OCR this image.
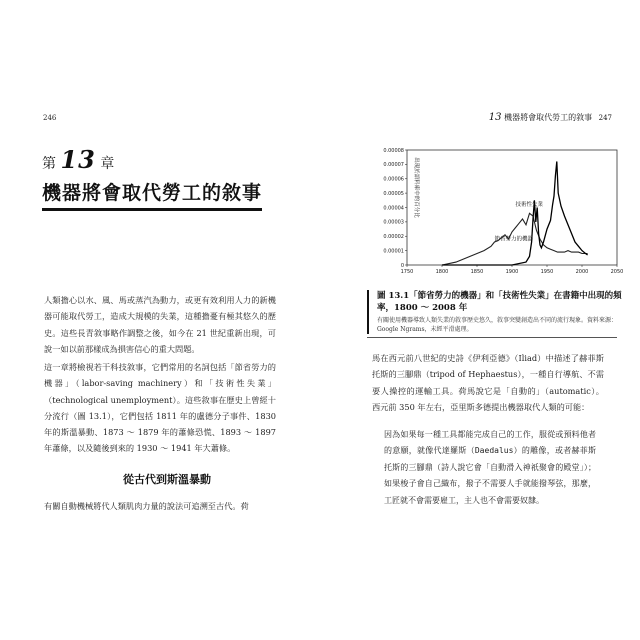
246
第 13 章
機器將會取代勞工的敘事
人類擔心以水、風、馬或蒸汽為動力，或更有效利用人力的新機器可能取代勞工，造成大規模的失業，這種擔憂有極其悠久的歷史。這些長青敘事略作調整之後，如今在 21 世紀重新出現，可說一如以前那樣成為損害信心的重大問題。
這一章將檢視若干科技敘事，它們常用的名詞包括「節省勞力的機器」（labor-saving machinery）和「技術性失業」（technological unemployment）。這些敘事在歷史上曾經十分流行（圖 13.1），它們包括 1811 年的盧德分子事件、1830 年的斯溫暴動、1873 ～ 1879 年的蕭條恐慌、1893 ～ 1897 年蕭條，以及隨後到來的 1930 ～ 1941 年大蕭條。
從古代到斯溫暴動
有關自動機械將代人類肌肉力量的說法可追溯至古代。荷
13 機器將會取代勞工的敘事 247
0.00008
0.00007
0.00006
0.00005
0.00004
0.00003
0.00002
0.00001
0
1750	1800	1850	1900	1950	2000	2050
出現於語料庫中的百分比	技術性失業
節省勞力的機器
圖 13.1「節省勞力的機器」和「技術性失業」在書籍中出現的頻率，1800 ～ 2008 年
有關使用機器導致人類失業的敘事歷史悠久，敘事突變創造出不同的流行現象。資料來源：Google Ngrams，未經平滑處理。
馬在西元前八世紀的史詩《伊利亞德》（Iliad）中描述了赫菲斯托斯的三腳鼎（tripod of Hephaestus），一種自行導航、不需要人操控的運輸工具。荷馬說它是「自動的」（automatic）。 西元前 350 年左右，亞里斯多德提出機器取代人類的可能：
因為如果每一種工具都能完成自己的工作，服從或預料他者的意願，就像代達羅斯（Daedalus）的雕像，或者赫菲斯托斯的三腳鼎（詩人說它會「自動滑入神祇聚會的殿堂」）；如果梭子會自己織布，撥子不需要人手就能撥琴弦，那麼，工匠就不會需要雇工，主人也不會需要奴隸。
